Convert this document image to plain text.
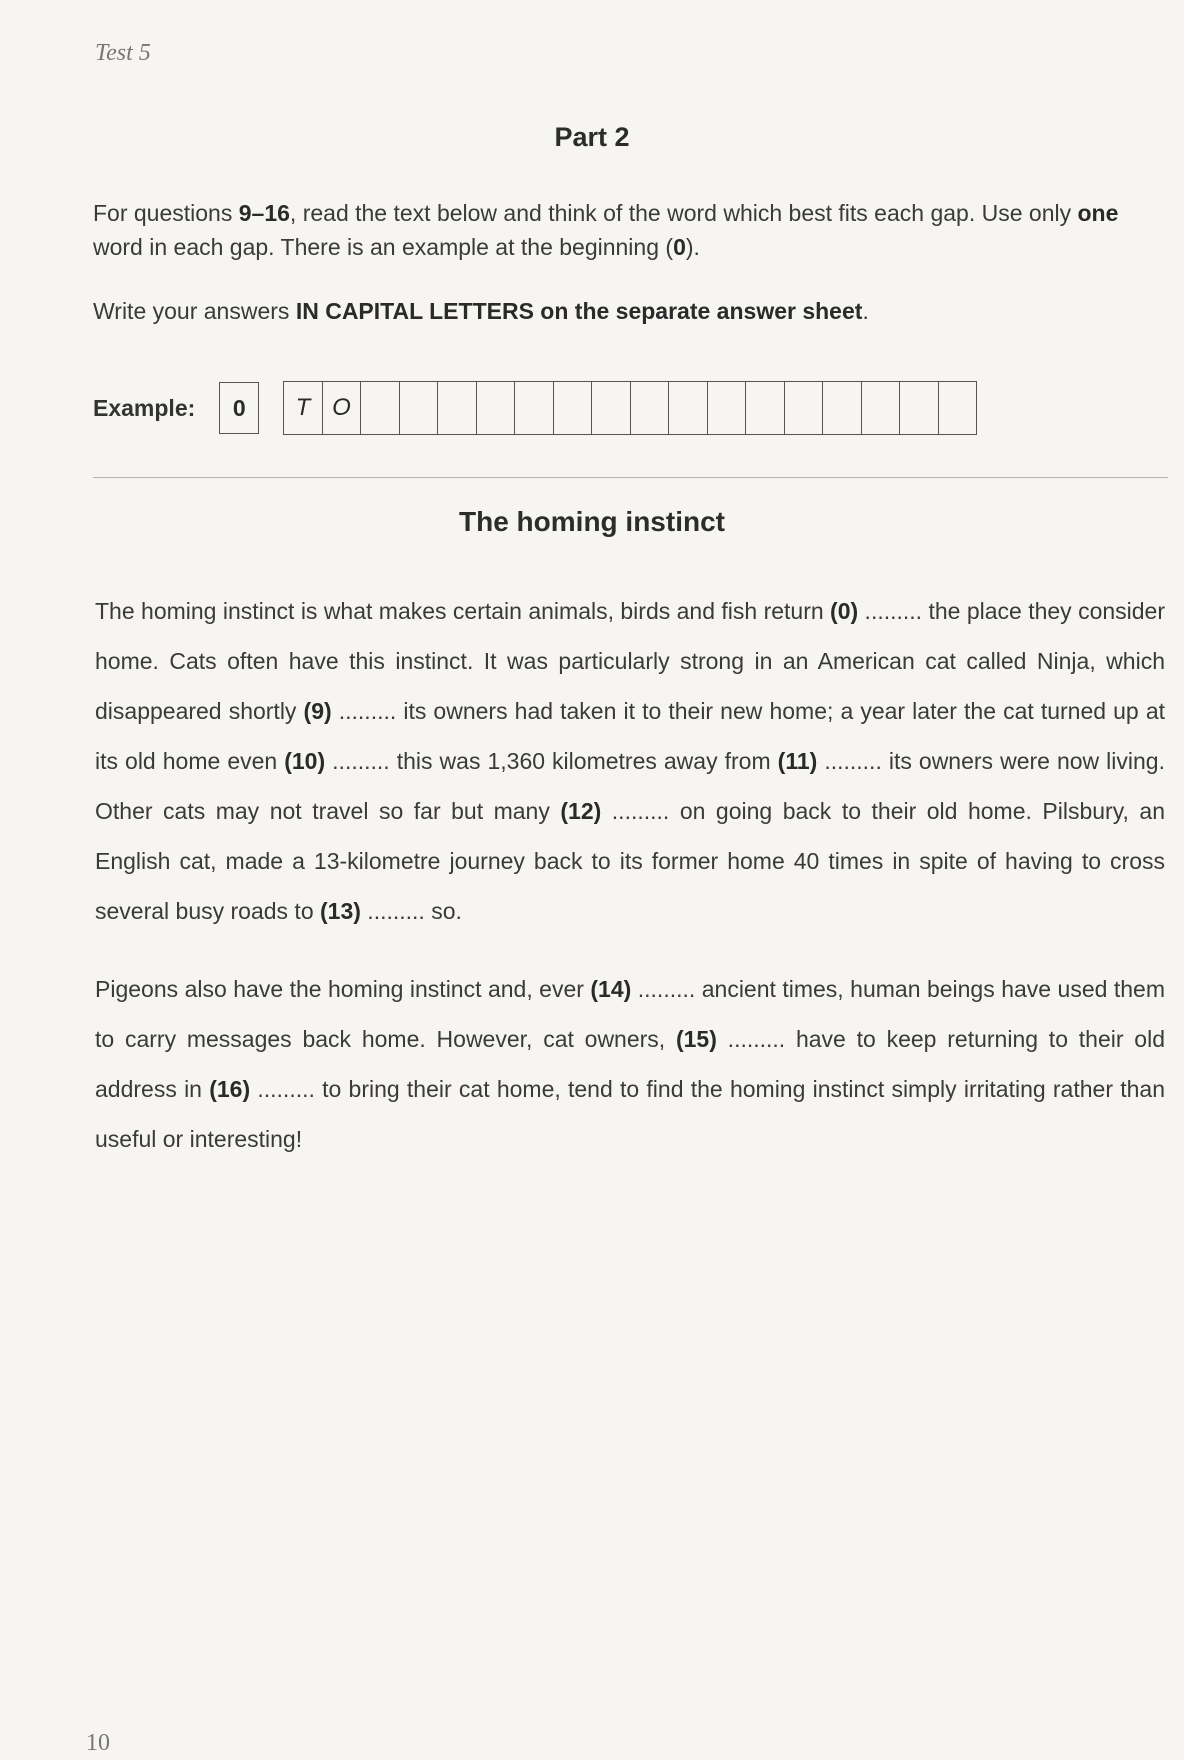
Test 5
Part 2

For questions 9–16, read the text below and think of the word which best fits each gap. Use only one word in each gap. There is an example at the beginning (0).

Write your answers IN CAPITAL LETTERS on the separate answer sheet.

Example:	0	T O
The homing instinct

The homing instinct is what makes certain animals, birds and fish return (0) ......... the place they consider home. Cats often have this instinct. It was particularly strong in an American cat called Ninja, which disappeared shortly (9) ......... its owners had taken it to their new home; a year later the cat turned up at its old home even (10) ......... this was 1,360 kilometres away from (11) ......... its owners were now living. Other cats may not travel so far but many (12) ......... on going back to their old home. Pilsbury, an English cat, made a 13-kilometre journey back to its former home 40 times in spite of having to cross several busy roads to (13) ......... so.

Pigeons also have the homing instinct and, ever (14) ......... ancient times, human beings have used them to carry messages back home. However, cat owners, (15) ......... have to keep returning to their old address in (16) ......... to bring their cat home, tend to find the homing instinct simply irritating rather than useful or interesting!

10
